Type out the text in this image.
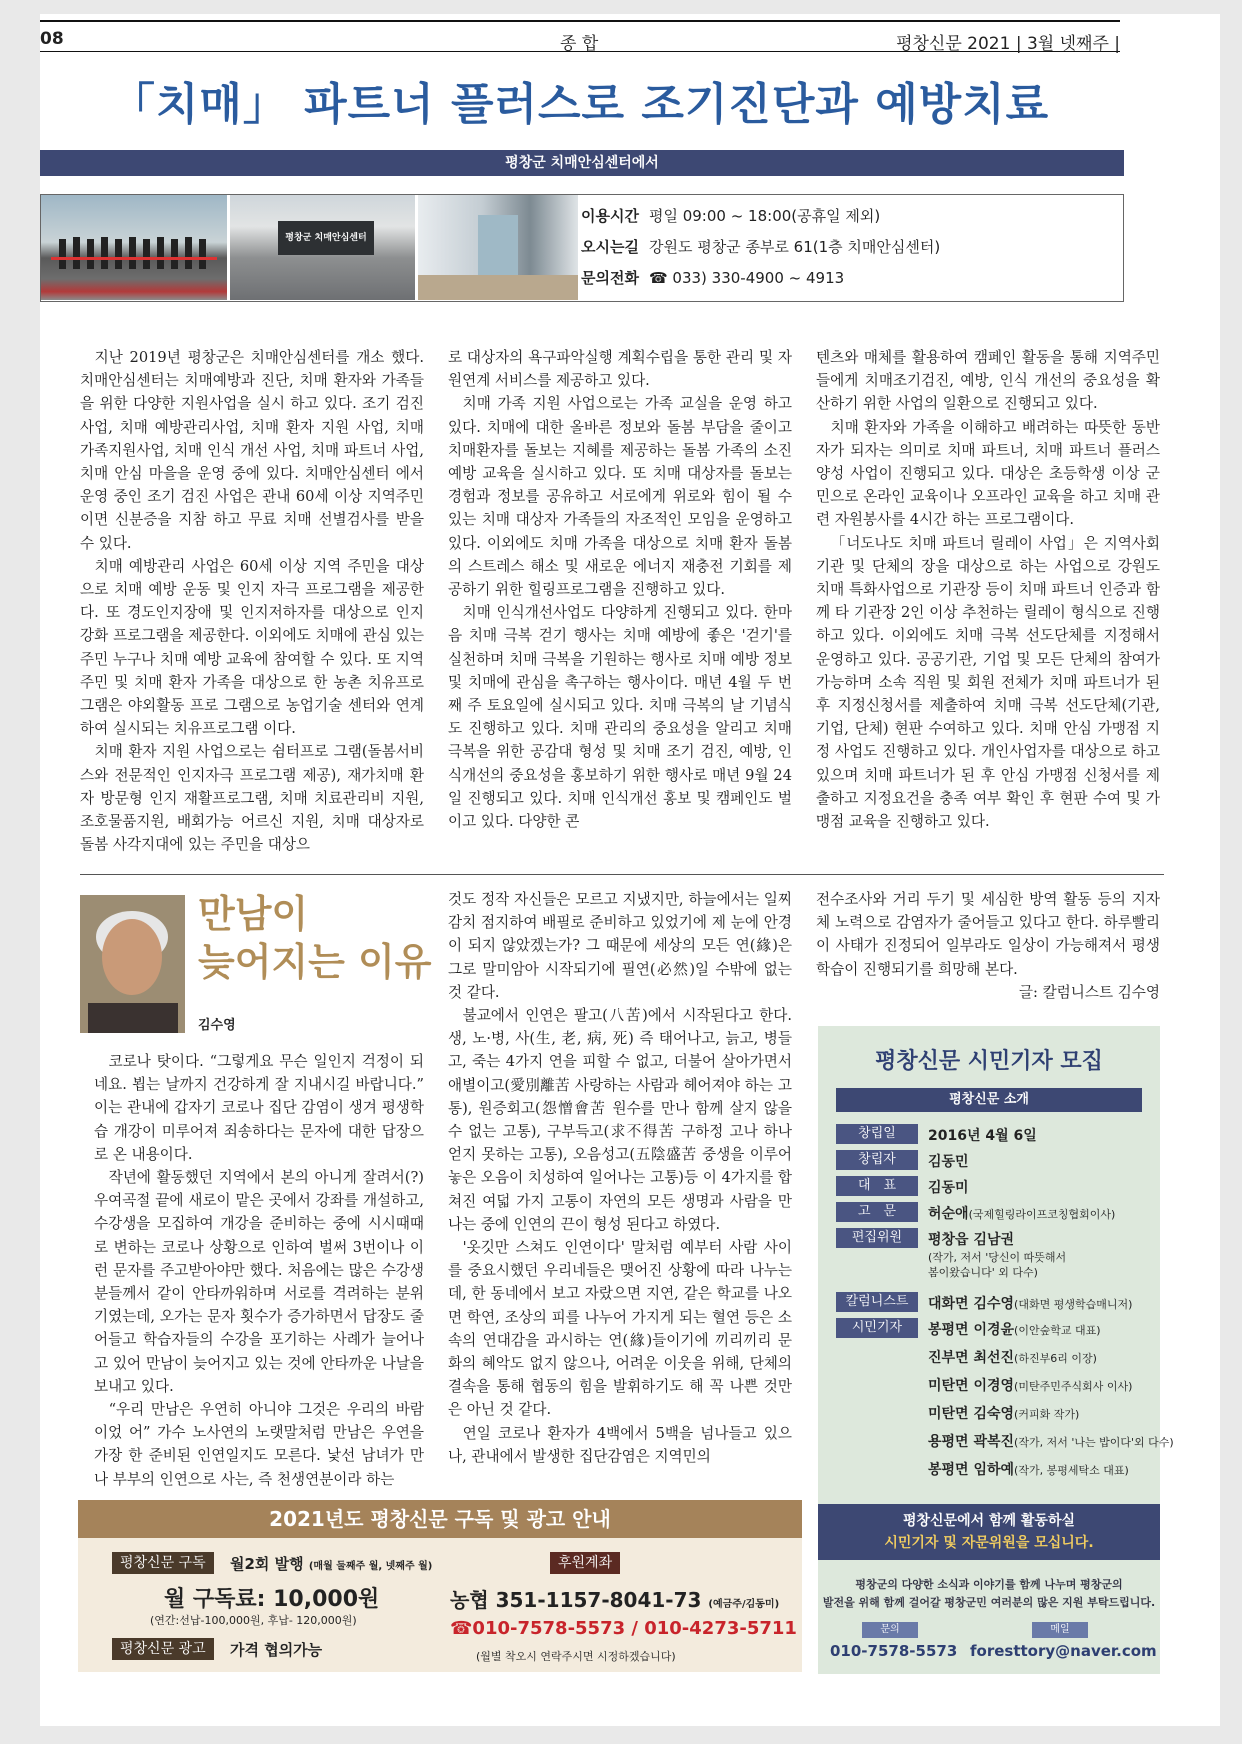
08	종 합	평창신문 2021 | 3월 넷째주 |
「치매」 파트너 플러스로 조기진단과 예방치료
평창군 치매안심센터에서
평창군 치매안심센터
이용시간 평일 09:00 ~ 18:00(공휴일 제외)
오시는길 강원도 평창군 종부로 61(1층 치매안심센터)
문의전화 ☎ 033) 330-4900 ~ 4913

지난 2019년 평창군은 치매안심센터를 개소 했다. 치매안심센터는 치매예방과 진단, 치매 환자와 가족들을 위한 다양한 지원사업을 실시 하고 있다. 조기 검진 사업, 치매 예방관리사업, 치매 환자 지원 사업, 치매 가족지원사업, 치매 인식 개선 사업, 치매 파트너 사업, 치매 안심 마을을 운영 중에 있다. 치매안심센터 에서 운영 중인 조기 검진 사업은 관내 60세 이상 지역주민이면 신분증을 지참 하고 무료 치매 선별검사를 받을 수 있다.

치매 예방관리 사업은 60세 이상 지역 주민을 대상으로 치매 예방 운동 및 인지 자극 프로그램을 제공한다. 또 경도인지장애 및 인지저하자를 대상으로 인지 강화 프로그램을 제공한다. 이외에도 치매에 관심 있는 주민 누구나 치매 예방 교육에 참여할 수 있다. 또 지역주민 및 치매 환자 가족을 대상으로 한 농촌 치유프로그램은 야외활동 프로 그램으로 농업기술 센터와 연계하여 실시되는 치유프로그램 이다.

치매 환자 지원 사업으로는 쉼터프로 그램(돌봄서비스와 전문적인 인지자극 프로그램 제공), 재가치매 환자 방문형 인지 재활프로그램, 치매 치료관리비 지원, 조호물품지원, 배회가능 어르신 지원, 치매 대상자로 돌봄 사각지대에 있는 주민을 대상으

로 대상자의 욕구파악실행 계획수립을 통한 관리 및 자원연계 서비스를 제공하고 있다.

치매 가족 지원 사업으로는 가족 교실을 운영 하고 있다. 치매에 대한 올바른 정보와 돌봄 부담을 줄이고 치매환자를 돌보는 지혜를 제공하는 돌봄 가족의 소진 예방 교육을 실시하고 있다. 또 치매 대상자를 돌보는 경험과 정보를 공유하고 서로에게 위로와 힘이 될 수 있는 치매 대상자 가족들의 자조적인 모임을 운영하고 있다. 이외에도 치매 가족을 대상으로 치매 환자 돌봄의 스트레스 해소 및 새로운 에너지 재충전 기회를 제공하기 위한 힐링프로그램을 진행하고 있다.

치매 인식개선사업도 다양하게 진행되고 있다. 한마음 치매 극복 걷기 행사는 치매 예방에 좋은 '걷기'를 실천하며 치매 극복을 기원하는 행사로 치매 예방 정보 및 치매에 관심을 촉구하는 행사이다. 매년 4월 두 번째 주 토요일에 실시되고 있다. 치매 극복의 날 기념식도 진행하고 있다. 치매 관리의 중요성을 알리고 치매 극복을 위한 공감대 형성 및 치매 조기 검진, 예방, 인식개선의 중요성을 홍보하기 위한 행사로 매년 9월 24일 진행되고 있다. 치매 인식개선 홍보 및 캠페인도 벌이고 있다. 다양한 콘

텐츠와 매체를 활용하여 캠페인 활동을 통해 지역주민들에게 치매조기검진, 예방, 인식 개선의 중요성을 확산하기 위한 사업의 일환으로 진행되고 있다.

치매 환자와 가족을 이해하고 배려하는 따뜻한 동반자가 되자는 의미로 치매 파트너, 치매 파트너 플러스 양성 사업이 진행되고 있다. 대상은 초등학생 이상 군민으로 온라인 교육이나 오프라인 교육을 하고 치매 관련 자원봉사를 4시간 하는 프로그램이다.

「너도나도 치매 파트너 릴레이 사업」은 지역사회 기관 및 단체의 장을 대상으로 하는 사업으로 강원도 치매 특화사업으로 기관장 등이 치매 파트너 인증과 함께 타 기관장 2인 이상 추천하는 릴레이 형식으로 진행하고 있다. 이외에도 치매 극복 선도단체를 지정해서 운영하고 있다. 공공기관, 기업 및 모든 단체의 참여가 가능하며 소속 직원 및 회원 전체가 치매 파트너가 된 후 지정신청서를 제출하여 치매 극복 선도단체(기관, 기업, 단체) 현판 수여하고 있다. 치매 안심 가맹점 지정 사업도 진행하고 있다. 개인사업자를 대상으로 하고 있으며 치매 파트너가 된 후 안심 가맹점 신청서를 제출하고 지정요건을 충족 여부 확인 후 현판 수여 및 가맹점 교육을 진행하고 있다.

만남이
늦어지는 이유
김수영

코로나 탓이다. “그렇게요 무슨 일인지 걱정이 되네요. 뵙는 날까지 건강하게 잘 지내시길 바랍니다.” 이는 관내에 갑자기 코로나 집단 감염이 생겨 평생학습 개강이 미루어져 죄송하다는 문자에 대한 답장으로 온 내용이다.

작년에 활동했던 지역에서 본의 아니게 잘려서(?) 우여곡절 끝에 새로이 맡은 곳에서 강좌를 개설하고, 수강생을 모집하여 개강을 준비하는 중에 시시때때로 변하는 코로나 상황으로 인하여 벌써 3번이나 이런 문자를 주고받아야만 했다. 처음에는 많은 수강생분들께서 같이 안타까워하며 서로를 격려하는 분위기였는데, 오가는 문자 횟수가 증가하면서 답장도 줄어들고 학습자들의 수강을 포기하는 사례가 늘어나고 있어 만남이 늦어지고 있는 것에 안타까운 나날을 보내고 있다.

“우리 만남은 우연히 아니야 그것은 우리의 바람이었 어” 가수 노사연의 노랫말처럼 만남은 우연을 가장 한 준비된 인연일지도 모른다. 낯선 남녀가 만나 부부의 인연으로 사는, 즉 천생연분이라 하는

것도 정작 자신들은 모르고 지냈지만, 하늘에서는 일찌감치 점지하여 배필로 준비하고 있었기에 제 눈에 안경이 되지 않았겠는가? 그 때문에 세상의 모든 연(緣)은 그로 말미암아 시작되기에 필연(必然)일 수밖에 없는 것 같다.

불교에서 인연은 팔고(八苦)에서 시작된다고 한다. 생, 노·병, 사(生, 老, 病, 死) 즉 태어나고, 늙고, 병들고, 죽는 4가지 연을 피할 수 없고, 더불어 살아가면서 애별이고(愛別離苦 사랑하는 사람과 헤어져야 하는 고통), 원증회고(怨憎會苦 원수를 만나 함께 살지 않을 수 없는 고통), 구부득고(求不得苦 구하정 고나 하나 얻지 못하는 고통), 오음성고(五陰盛苦 중생을 이루어 놓은 오음이 치성하여 일어나는 고통)등 이 4가지를 합쳐진 여덟 가지 고통이 자연의 모든 생명과 사람을 만나는 중에 인연의 끈이 형성 된다고 하였다.

'옷깃만 스쳐도 인연이다' 말처럼 예부터 사람 사이를 중요시했던 우리네들은 맺어진 상황에 따라 나누는데, 한 동네에서 보고 자랐으면 지연, 같은 학교를 나오면 학연, 조상의 피를 나누어 가지게 되는 혈연 등은 소속의 연대감을 과시하는 연(緣)들이기에 끼리끼리 문화의 혜악도 없지 않으나, 어려운 이웃을 위해, 단체의 결속을 통해 협동의 힘을 발휘하기도 해 꼭 나쁜 것만은 아닌 것 같다.

연일 코로나 환자가 4백에서 5백을 넘나들고 있으나, 관내에서 발생한 집단감염은 지역민의

전수조사와 거리 두기 및 세심한 방역 활동 등의 지자체 노력으로 감염자가 줄어들고 있다고 한다. 하루빨리 이 사태가 진정되어 일부라도 일상이 가능해져서 평생학습이 진행되기를 희망해 본다.

글: 칼럼니스트 김수영
평창신문 시민기자 모집
평창신문 소개
창립일	2016년 4월 6일
창립자	김동민
대　표	김동미
고　문	허순애(국제힐링라이프코칭협회이사)
편집위원	평창읍 김남권
(작가, 저서 '당신이 따뜻해서
봄이왔습니다' 외 다수)
칼럼니스트	대화면 김수영(대화면 평생학습매니저)
시민기자	봉평면 이경윤(이안숲학교 대표)
진부면 최선진(하진부6리 이장)
미탄면 이경영(미탄주민주식회사 이사)
미탄면 김숙영(커피화 작가)
용평면 곽복진(작가, 저서 '나는 밥이다'외 다수)
봉평면 임하예(작가, 봉평세탁소 대표)
평창신문에서 함께 활동하실
시민기자 및 자문위원을 모십니다.
평창군의 다양한 소식과 이야기를 함께 나누며 평창군의
발전을 위해 함께 걸어갈 평창군민 여러분의 많은 지원 부탁드립니다.
문의	메일
010-7578-5573 foresttory@naver.com
2021년도 평창신문 구독 및 광고 안내
평창신문 구독	월2회 발행 (매월 둘째주 월, 넷째주 월)
월 구독료: 10,000원
(연간:선납-100,000원, 후납- 120,000원)
평창신문 광고	가격 협의가능
후원계좌
농협 351-1157-8041-73 (예금주/김동미)
☎010-7578-5573 / 010-4273-5711
(월별 착오시 연락주시면 시정하겠습니다)
